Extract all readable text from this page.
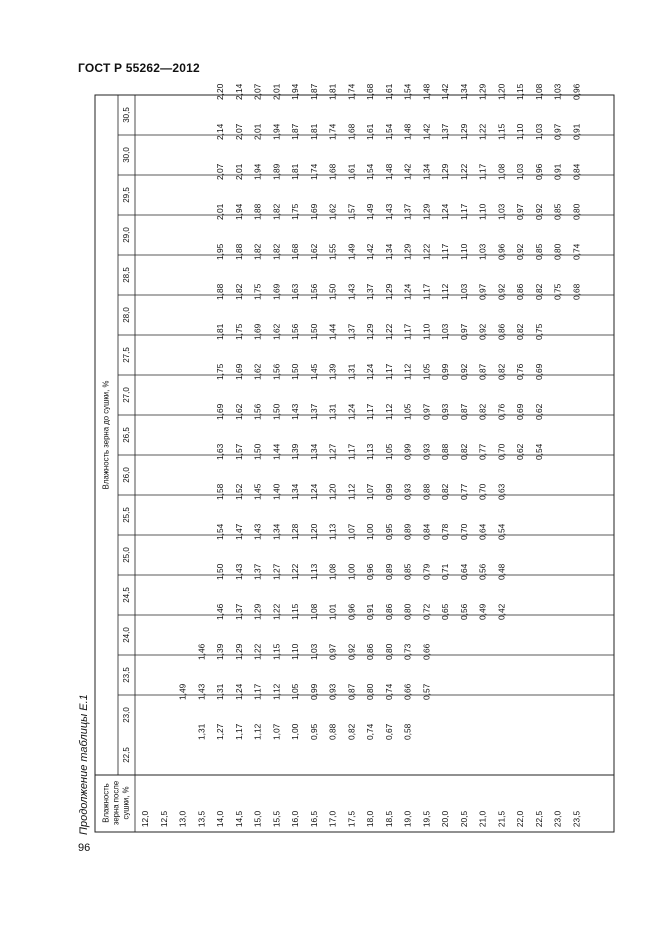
ГОСТ Р 55262—2012
Продолжение таблицы Е.1
96
Влажность зерна после сушки, %
Влажность зерна до сушки, %
22,5
23,0
23,5
24,0
24,5
25,0
25,5
26,0
26,5
27,0
27,5
28,0
28,5
29,0
29,5
30,0
30,5
12,0 12,5 13,0
1,49
13,5
1,31
1,43
1,46
14,0
1,27
1,31
1,39
1,46
1,50
1,54
1,58
1,63
1,69
1,75
1,81
1,88
1,95
2,01
2,07
2,14
2,20
14,5
1,17
1,24
1,29
1,37
1,43
1,47
1,52
1,57
1,62
1,69
1,75
1,82
1,88
1,94
2,01
2,07
2,14
15,0
1,12
1,17
1,22
1,29
1,37
1,43
1,45
1,50
1,56
1,62
1,69
1,75
1,82
1,88
1,94
2,01
2,07
15,5
1,07
1,12
1,15
1,22
1,27
1,34
1,40
1,44
1,50
1,56
1,62
1,69
1,82
1,82
1,89
1,94
2,01
16,0
1,00
1,05
1,10
1,15
1,22
1,28
1,34
1,39
1,43
1,50
1,56
1,63
1,68
1,75
1,81
1,87
1,94
16,5
0,95
0,99
1,03
1,08
1,13
1,20
1,24
1,34
1,37
1,45
1,50
1,56
1,62
1,69
1,74
1,81
1,87
17,0
0,88
0,93
0,97
1,01
1,08
1,13
1,20
1,27
1,31
1,39
1,44
1,50
1,55
1,62
1,68
1,74
1,81
17,5
0,82
0,87
0,92
0,96
1,00
1,07
1,12
1,17
1,24
1,31
1,37
1,43
1,49
1,57
1,61
1,68
1,74
18,0
0,74
0,80
0,86
0,91
0,96
1,00
1,07
1,13
1,17
1,24
1,29
1,37
1,42
1,49
1,54
1,61
1,68
18,5
0,67
0,74
0,80
0,86
0,89
0,95
0,99
1,05
1,12
1,17
1,22
1,29
1,34
1,43
1,48
1,54
1,61
19,0
0,58
0,66
0,73
0,80
0,85
0,89
0,93
0,99
1,05
1,12
1,17
1,24
1,29
1,37
1,42
1,48
1,54
19,5
0,57
0,66
0,72
0,79
0,84
0,88
0,93
0,97
1,05
1,10
1,17
1,22
1,29
1,34
1,42
1,48
20,0
0,65
0,71
0,78
0,82
0,88
0,93
0,99
1,03
1,12
1,17
1,24
1,29
1,37
1,42
20,5
0,56
0,64
0,70
0,77
0,82
0,87
0,92
0,97
1,03
1,10
1,17
1,22
1,29
1,34
21,0
0,49
0,56
0,64
0,70
0,77
0,82
0,87
0,92
0,97
1,03
1,10
1,17
1,22
1,29
21,5
0,42
0,48
0,54
0,63
0,70
0,76
0,82
0,86
0,92
0,96
1,03
1,08
1,15
1,20
22,0
0,62
0,69
0,76
0,82
0,86
0,92
0,97
1,03
1,10
1,15
22,5
0,54
0,62
0,69
0,75
0,82
0,85
0,92
0,96
1,03
1,08
23,0
0,75
0,80
0,85
0,91
0,97
1,03
23,5
0,68
0,74
0,80
0,84
0,91
0,96
